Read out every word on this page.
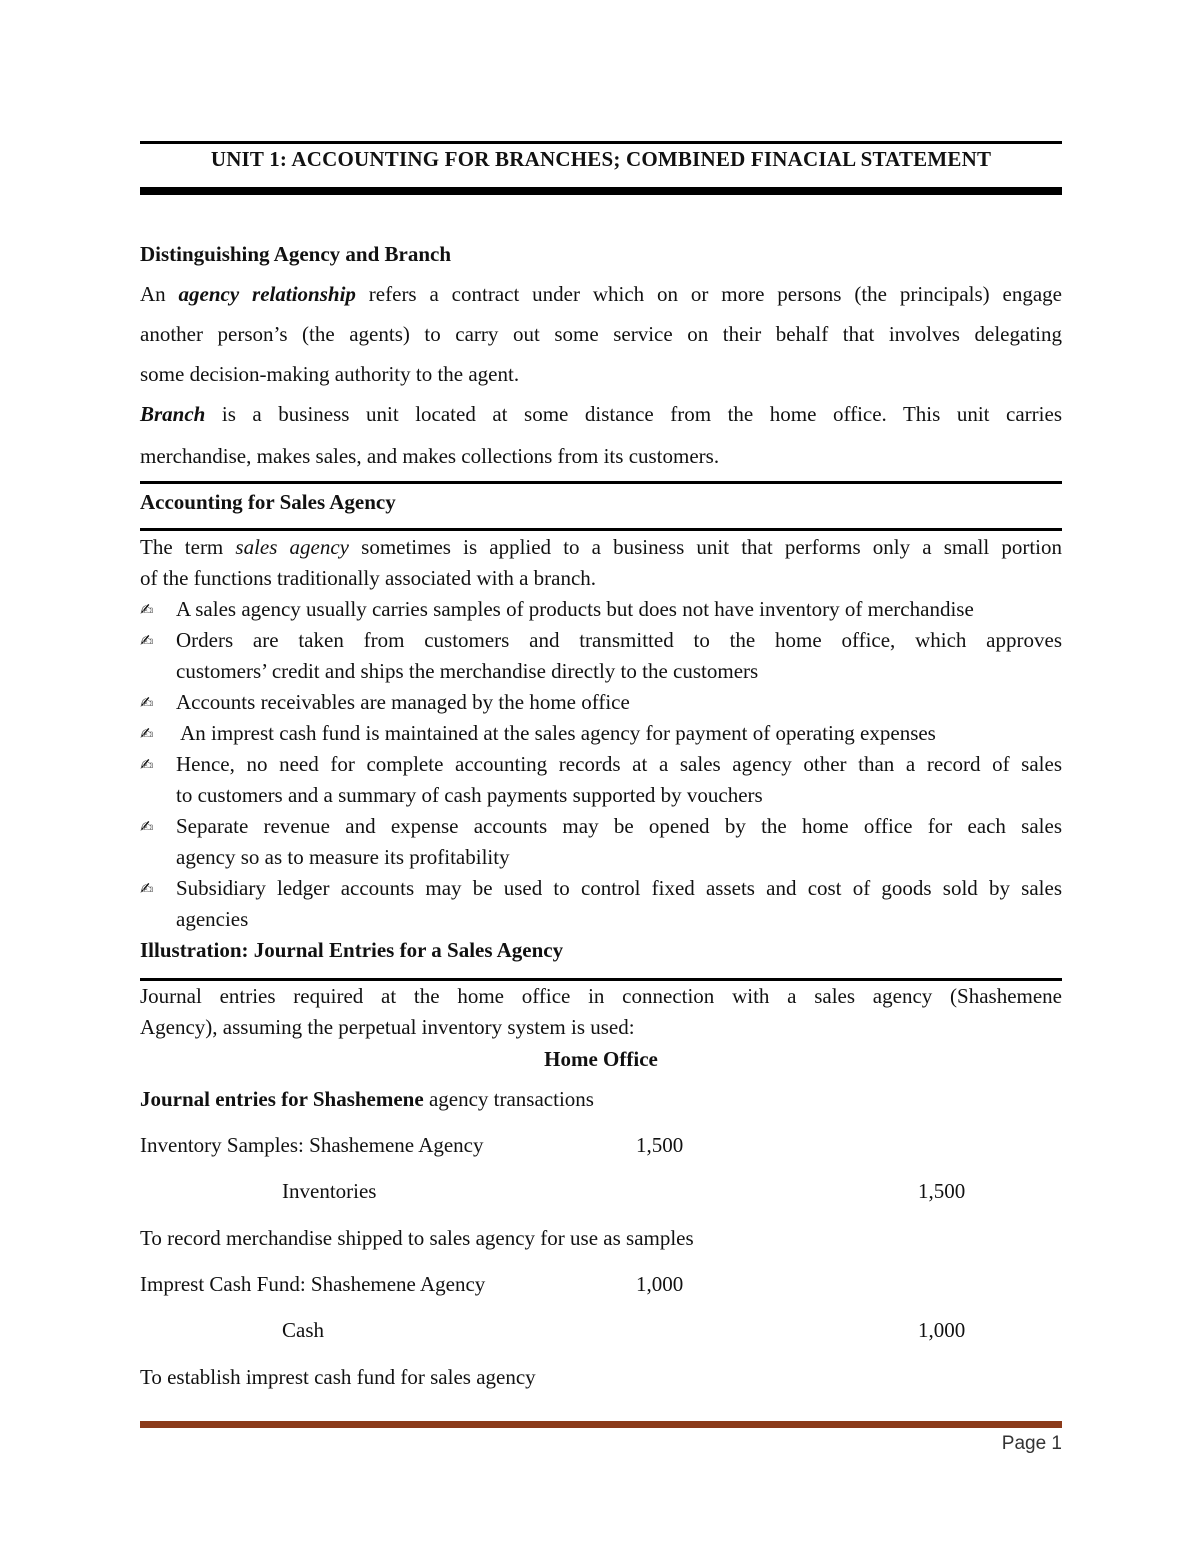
UNIT 1: ACCOUNTING FOR BRANCHES; COMBINED FINACIAL STATEMENT
Distinguishing Agency and Branch
An agency relationship refers a contract under which on or more persons (the principals) engage
another person’s (the agents) to carry out some service on their behalf that involves delegating
some decision-making authority to the agent.
Branch is a business unit located at some distance from the home office. This unit carries
merchandise, makes sales, and makes collections from its customers.
Accounting for Sales Agency
The term sales agency sometimes is applied to a business unit that performs only a small portion
of the functions traditionally associated with a branch.
✍	A sales agency usually carries samples of products but does not have inventory of merchandise
✍	Orders are taken from customers and transmitted to the home office, which approves
customers’ credit and ships the merchandise directly to the customers
✍	Accounts receivables are managed by the home office
✍	An imprest cash fund is maintained at the sales agency for payment of operating expenses
✍	Hence, no need for complete accounting records at a sales agency other than a record of sales
to customers and a summary of cash payments supported by vouchers
✍	Separate revenue and expense accounts may be opened by the home office for each sales
agency so as to measure its profitability
✍	Subsidiary ledger accounts may be used to control fixed assets and cost of goods sold by sales
agencies
Illustration: Journal Entries for a Sales Agency
Journal entries required at the home office in connection with a sales agency (Shashemene
Agency), assuming the perpetual inventory system is used:
Home Office
Journal entries for Shashemene agency transactions
Inventory Samples: Shashemene Agency	1,500
Inventories	1,500
To record merchandise shipped to sales agency for use as samples
Imprest Cash Fund: Shashemene Agency	1,000
Cash	1,000
To establish imprest cash fund for sales agency
Page 1
